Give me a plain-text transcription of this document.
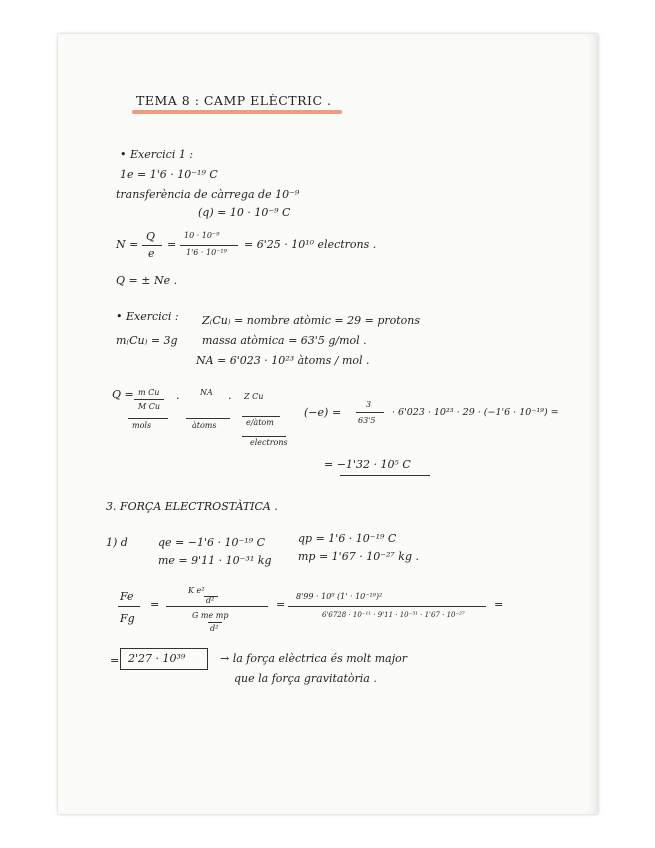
TEMA 8 : CAMP ELÈCTRIC .
• Exercici 1 :
1e = 1'6 · 10⁻¹⁹ C
transferència de càrrega de 10⁻⁹
(q) = 10 · 10⁻⁹ C
N =
Q
e
=
10 · 10⁻⁹
1'6 · 10⁻¹⁹
= 6'25 · 10¹⁰ electrons .
Q = ± Ne .
• Exercici : Z₍Cu₎ = nombre atòmic = 29 = protons
m₍Cu₎ = 3g massa atòmica = 63'5 g/mol .
NA = 6'023 · 10²³ àtoms / mol .
Q = m Cu
M Cu
mols
·	NA
àtoms
· Z Cu
e/àtom
electrons
(−e) =
3
63'5
· 6'023 · 10²³ · 29 · (−1'6 · 10⁻¹⁹) =
= −1'32 · 10⁵ C
3. FORÇA ELECTROSTÀTICA .
1) d	qe = −1'6 · 10⁻¹⁹ C	qp = 1'6 · 10⁻¹⁹ C
me = 9'11 · 10⁻³¹ kg mp = 1'67 · 10⁻²⁷ kg .
Fe
Fg
=
K e²
d²
G me mp
d²
=
8'99 · 10⁹ (1' · 10⁻¹⁹)²
6'6728 · 10⁻¹¹ · 9'11 · 10⁻³¹ · 1'67 · 10⁻²⁷
=
= 2'27 · 10³⁹	→ la força elèctrica és molt major
que la força gravitatòria .
